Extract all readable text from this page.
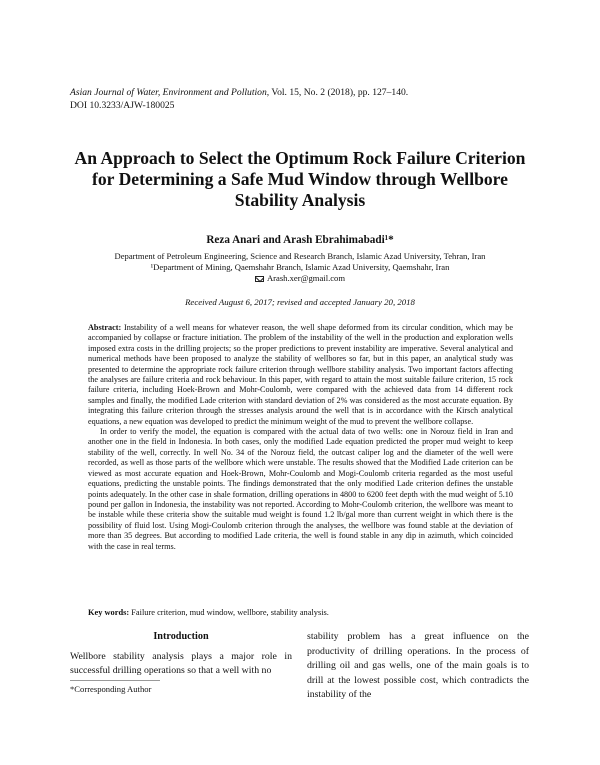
Asian Journal of Water, Environment and Pollution, Vol. 15, No. 2 (2018), pp. 127–140.
DOI 10.3233/AJW-180025
An Approach to Select the Optimum Rock Failure Criterion for Determining a Safe Mud Window through Wellbore Stability Analysis
Reza Anari and Arash Ebrahimabadi¹*
Department of Petroleum Engineering, Science and Research Branch, Islamic Azad University, Tehran, Iran
¹Department of Mining, Qaemshahr Branch, Islamic Azad University, Qaemshahr, Iran
Arash.xer@gmail.com
Received August 6, 2017; revised and accepted January 20, 2018

Abstract: Instability of a well means for whatever reason, the well shape deformed from its circular condition, which may be accompanied by collapse or fracture initiation. The problem of the instability of the well in the production and exploration wells imposed extra costs in the drilling projects; so the proper predictions to prevent instability are imperative. Several analytical and numerical methods have been proposed to analyze the stability of wellbores so far, but in this paper, an analytical study was presented to determine the appropriate rock failure criterion through wellbore stability analysis. Two important factors affecting the analyses are failure criteria and rock behaviour. In this paper, with regard to attain the most suitable failure criterion, 15 rock failure criteria, including Hoek-Brown and Mohr-Coulomb, were compared with the achieved data from 14 different rock samples and finally, the modified Lade criterion with standard deviation of 2% was considered as the most accurate equation. By integrating this failure criterion through the stresses analysis around the well that is in accordance with the Kirsch analytical equations, a new equation was developed to predict the minimum weight of the mud to prevent the wellbore collapse.

In order to verify the model, the equation is compared with the actual data of two wells: one in Norouz field in Iran and another one in the field in Indonesia. In both cases, only the modified Lade equation predicted the proper mud weight to keep stability of the well, correctly. In well No. 34 of the Norouz field, the outcast caliper log and the diameter of the well were recorded, as well as those parts of the wellbore which were unstable. The results showed that the Modified Lade criterion can be viewed as most accurate equation and Hoek-Brown, Mohr-Coulomb and Mogi-Coulomb criteria regarded as the most useful equations, predicting the unstable points. The findings demonstrated that the only modified Lade criterion defines the unstable points adequately. In the other case in shale formation, drilling operations in 4800 to 6200 feet depth with the mud weight of 5.10 pound per gallon in Indonesia, the instability was not reported. According to Mohr-Coulomb criterion, the wellbore was meant to be instable while these criteria show the suitable mud weight is found 1.2 lb/gal more than current weight in which there is the possibility of fluid lost. Using Mogi-Coulomb criterion through the analyses, the wellbore was found stable at the deviation of more than 35 degrees. But according to modified Lade criteria, the well is found stable in any dip in azimuth, which coincided with the case in real terms.

Key words: Failure criterion, mud window, wellbore, stability analysis.
Introduction

Wellbore stability analysis plays a major role in successful drilling operations so that a well with no

stability problem has a great influence on the productivity of drilling operations. In the process of drilling oil and gas wells, one of the main goals is to drill at the lowest possible cost, which contradicts the instability of the

*Corresponding Author
